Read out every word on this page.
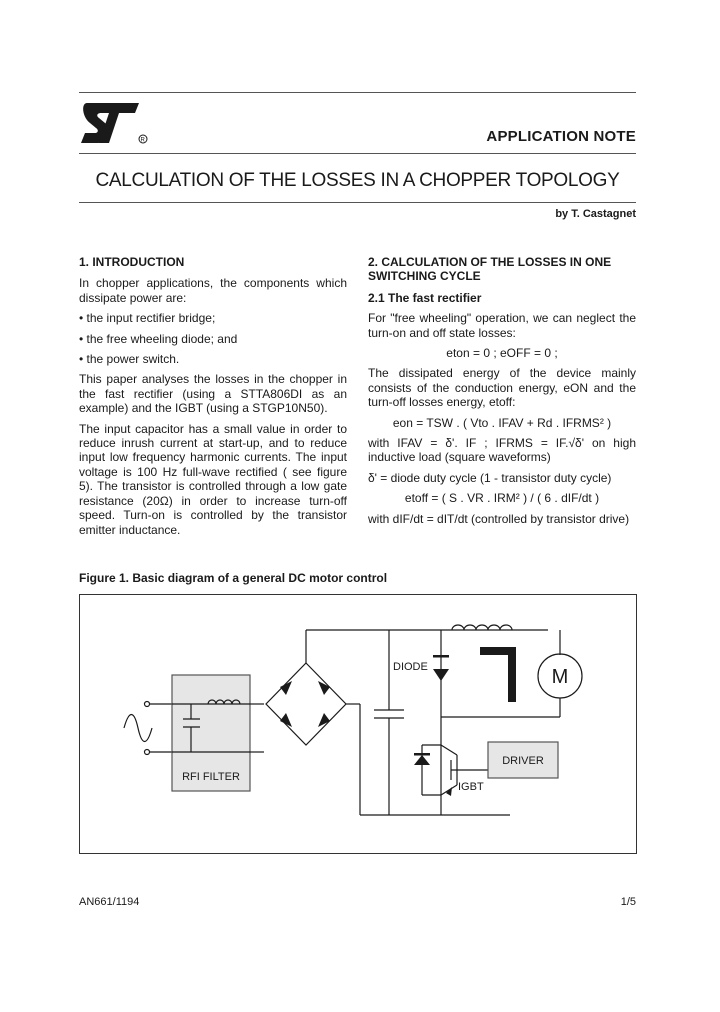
R	APPLICATION NOTE
CALCULATION OF THE LOSSES IN A CHOPPER TOPOLOGY
by T. Castagnet
1. INTRODUCTION

In chopper applications, the components which dissipate power are:

• the input rectifier bridge;
• the free wheeling diode; and
• the power switch.

This paper analyses the losses in the chopper in the fast rectifier (using a STTA806DI as an example) and the IGBT (using a STGP10N50).

The input capacitor has a small value in order to reduce inrush current at start-up, and to reduce input low frequency harmonic currents. The input voltage is 100 Hz full-wave rectified ( see figure 5). The transistor is controlled through a low gate resistance (20Ω) in order to increase turn-off speed. Turn-on is controlled by the transistor emitter inductance.

2. CALCULATION OF THE LOSSES IN ONE SWITCHING CYCLE
2.1 The fast rectifier

For "free wheeling" operation, we can neglect the turn-on and off state losses:

eton = 0 ; eOFF = 0 ;

The dissipated energy of the device mainly consists of the conduction energy, eON and the turn-off losses energy, etoff:

eon = TSW . ( Vto . IFAV + Rd . IFRMS² )

with IFAV = δ'. IF ; IFRMS = IF.√δ' on high inductive load (square waveforms)

δ' = diode duty cycle (1 - transistor duty cycle)

etoff = ( S . VR . IRM² ) / ( 6 . dIF/dt )

with dIF/dt = dIT/dt (controlled by transistor drive)

Figure 1. Basic diagram of a general DC motor control
RFI FILTER
DIODE	M
DRIVER
IGBT
AN661/1194	1/5
